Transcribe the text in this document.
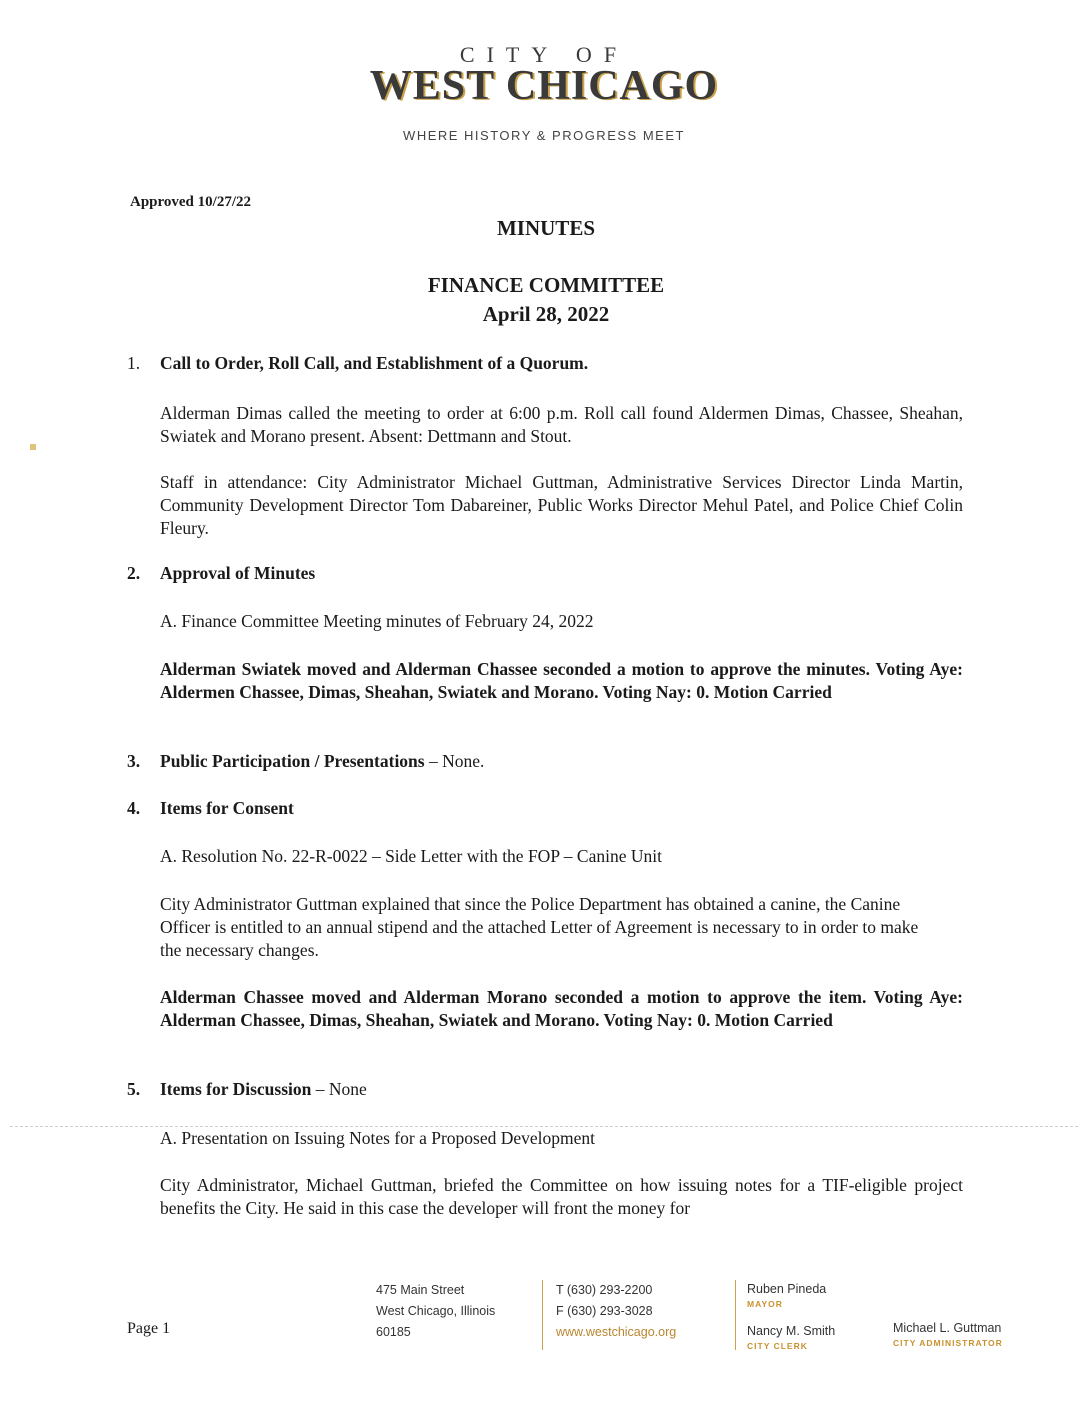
CITY OF
WEST CHICAGO
WHERE HISTORY & PROGRESS MEET
Approved 10/27/22
MINUTES
FINANCE COMMITTEE
April 28, 2022
1. Call to Order, Roll Call, and Establishment of a Quorum.
Alderman Dimas called the meeting to order at 6:00 p.m. Roll call found Aldermen Dimas, Chassee, Sheahan, Swiatek and Morano present. Absent: Dettmann and Stout.
Staff in attendance: City Administrator Michael Guttman, Administrative Services Director Linda Martin, Community Development Director Tom Dabareiner, Public Works Director Mehul Patel, and Police Chief Colin Fleury.
2. Approval of Minutes
A. Finance Committee Meeting minutes of February 24, 2022
Alderman Swiatek moved and Alderman Chassee seconded a motion to approve the minutes. Voting Aye: Aldermen Chassee, Dimas, Sheahan, Swiatek and Morano. Voting Nay: 0. Motion Carried
3. Public Participation / Presentations – None.
4. Items for Consent
A. Resolution No. 22-R-0022 – Side Letter with the FOP – Canine Unit
City Administrator Guttman explained that since the Police Department has obtained a canine, the Canine Officer is entitled to an annual stipend and the attached Letter of Agreement is necessary to in order to make the necessary changes.
Alderman Chassee moved and Alderman Morano seconded a motion to approve the item. Voting Aye: Alderman Chassee, Dimas, Sheahan, Swiatek and Morano. Voting Nay: 0. Motion Carried
5. Items for Discussion – None
A. Presentation on Issuing Notes for a Proposed Development
City Administrator, Michael Guttman, briefed the Committee on how issuing notes for a TIF-eligible project benefits the City. He said in this case the developer will front the money for
Page 1
475 Main Street
West Chicago, Illinois
60185
T (630) 293-2200
F (630) 293-3028
www.westchicago.org
Ruben Pineda
MAYOR
Nancy M. Smith
CITY CLERK
Michael L. Guttman
CITY ADMINISTRATOR
